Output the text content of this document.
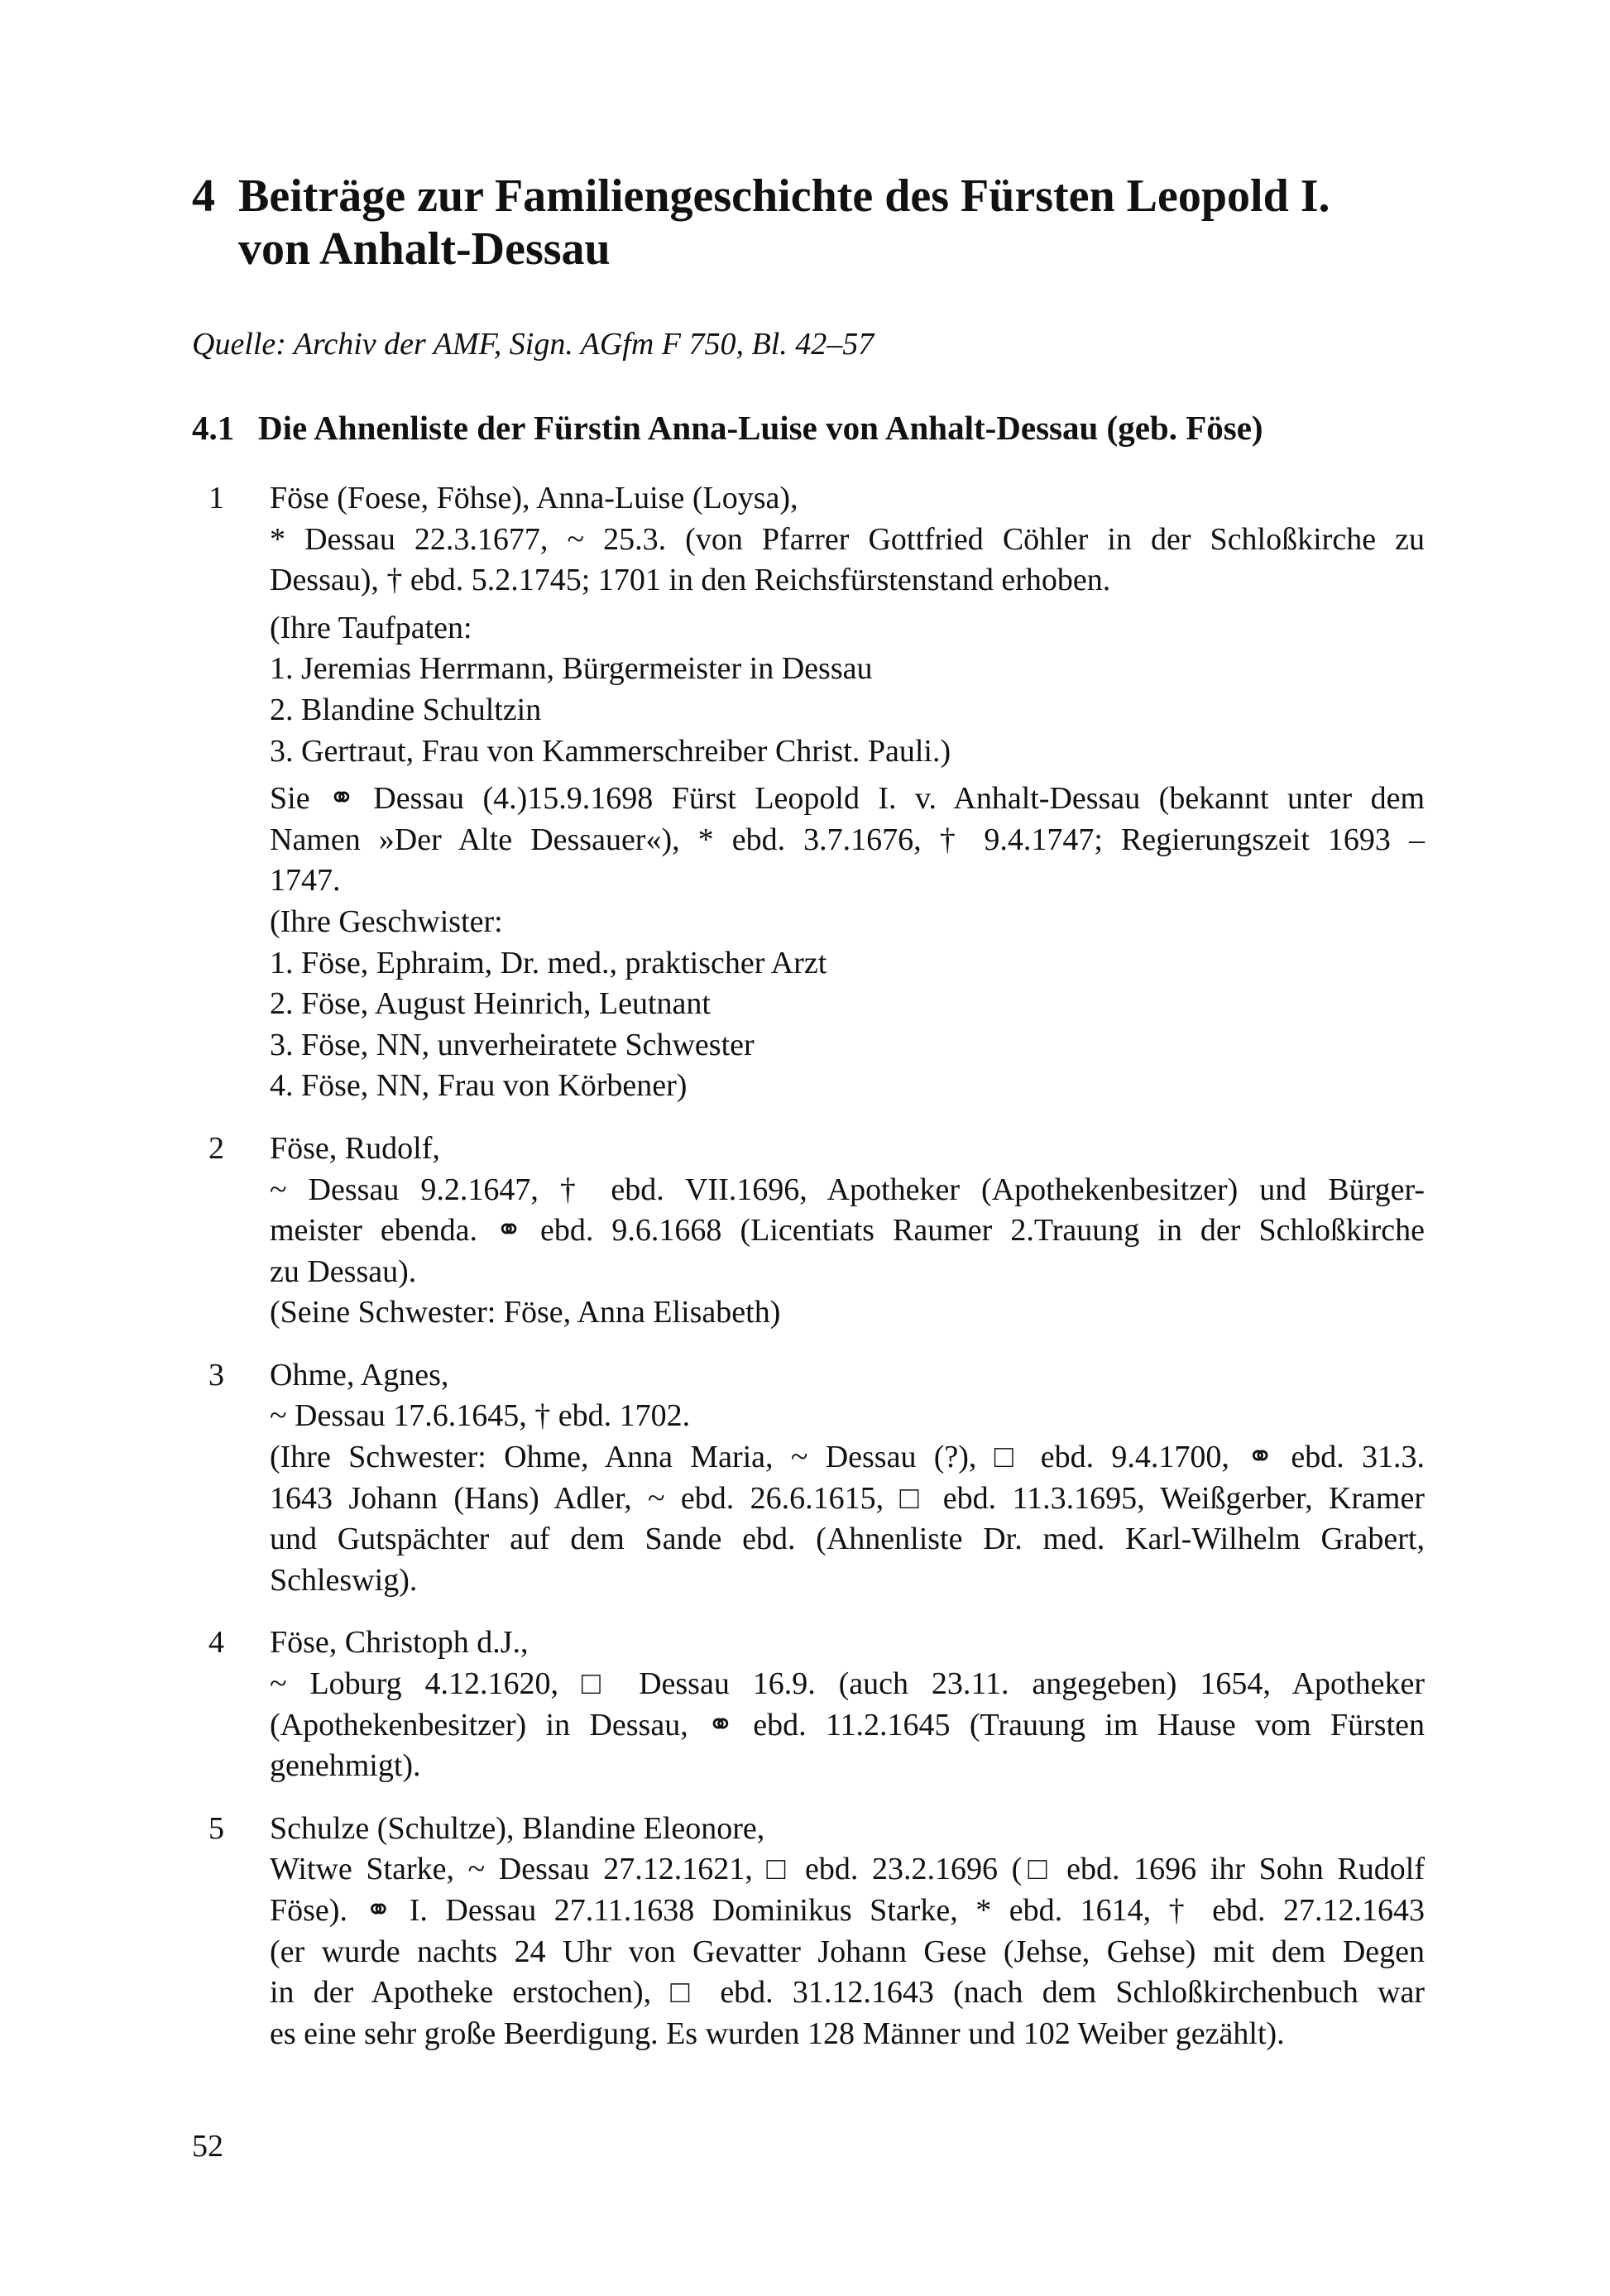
4 Beiträge zur Familiengeschichte des Fürsten Leopold I.
von Anhalt-Dessau

Quelle: Archiv der AMF, Sign. AGfm F 750, Bl. 42–57

4.1 Die Ahnenliste der Fürstin Anna-Luise von Anhalt-Dessau (geb. Föse)
1 Föse (Foese, Föhse), Anna-Luise (Loysa),
* Dessau 22.3.1677, ~ 25.3. (von Pfarrer Gottfried Cöhler in der Schloßkirche zu
Dessau), † ebd. 5.2.1745; 1701 in den Reichsfürstenstand erhoben.
(Ihre Taufpaten:
1. Jeremias Herrmann, Bürgermeister in Dessau
2. Blandine Schultzin
3. Gertraut, Frau von Kammerschreiber Christ. Pauli.)
Sie ⚭ Dessau (4.)15.9.1698 Fürst Leopold I. v. Anhalt-Dessau (bekannt unter dem
Namen »Der Alte Dessauer«), * ebd. 3.7.1676, † 9.4.1747; Regierungszeit 1693 –
1747.
(Ihre Geschwister:
1. Föse, Ephraim, Dr. med., praktischer Arzt
2. Föse, August Heinrich, Leutnant
3. Föse, NN, unverheiratete Schwester
4. Föse, NN, Frau von Körbener)
2 Föse, Rudolf,
~ Dessau 9.2.1647, † ebd. VII.1696, Apotheker (Apothekenbesitzer) und Bürger-
meister ebenda. ⚭ ebd. 9.6.1668 (Licentiats Raumer 2.Trauung in der Schloßkirche
zu Dessau).
(Seine Schwester: Föse, Anna Elisabeth)
3 Ohme, Agnes,
~ Dessau 17.6.1645, † ebd. 1702.
(Ihre Schwester: Ohme, Anna Maria, ~ Dessau (?), □ ebd. 9.4.1700, ⚭ ebd. 31.3.
1643 Johann (Hans) Adler, ~ ebd. 26.6.1615, □ ebd. 11.3.1695, Weißgerber, Kramer
und Gutspächter auf dem Sande ebd. (Ahnenliste Dr. med. Karl-Wilhelm Grabert,
Schleswig).
4 Föse, Christoph d.J.,
~ Loburg 4.12.1620, □ Dessau 16.9. (auch 23.11. angegeben) 1654, Apotheker
(Apothekenbesitzer) in Dessau, ⚭ ebd. 11.2.1645 (Trauung im Hause vom Fürsten
genehmigt).
5 Schulze (Schultze), Blandine Eleonore,
Witwe Starke, ~ Dessau 27.12.1621, □ ebd. 23.2.1696 (□ ebd. 1696 ihr Sohn Rudolf
Föse). ⚭ I. Dessau 27.11.1638 Dominikus Starke, * ebd. 1614, † ebd. 27.12.1643
(er wurde nachts 24 Uhr von Gevatter Johann Gese (Jehse, Gehse) mit dem Degen
in der Apotheke erstochen), □ ebd. 31.12.1643 (nach dem Schloßkirchenbuch war
es eine sehr große Beerdigung. Es wurden 128 Männer und 102 Weiber gezählt).

52
